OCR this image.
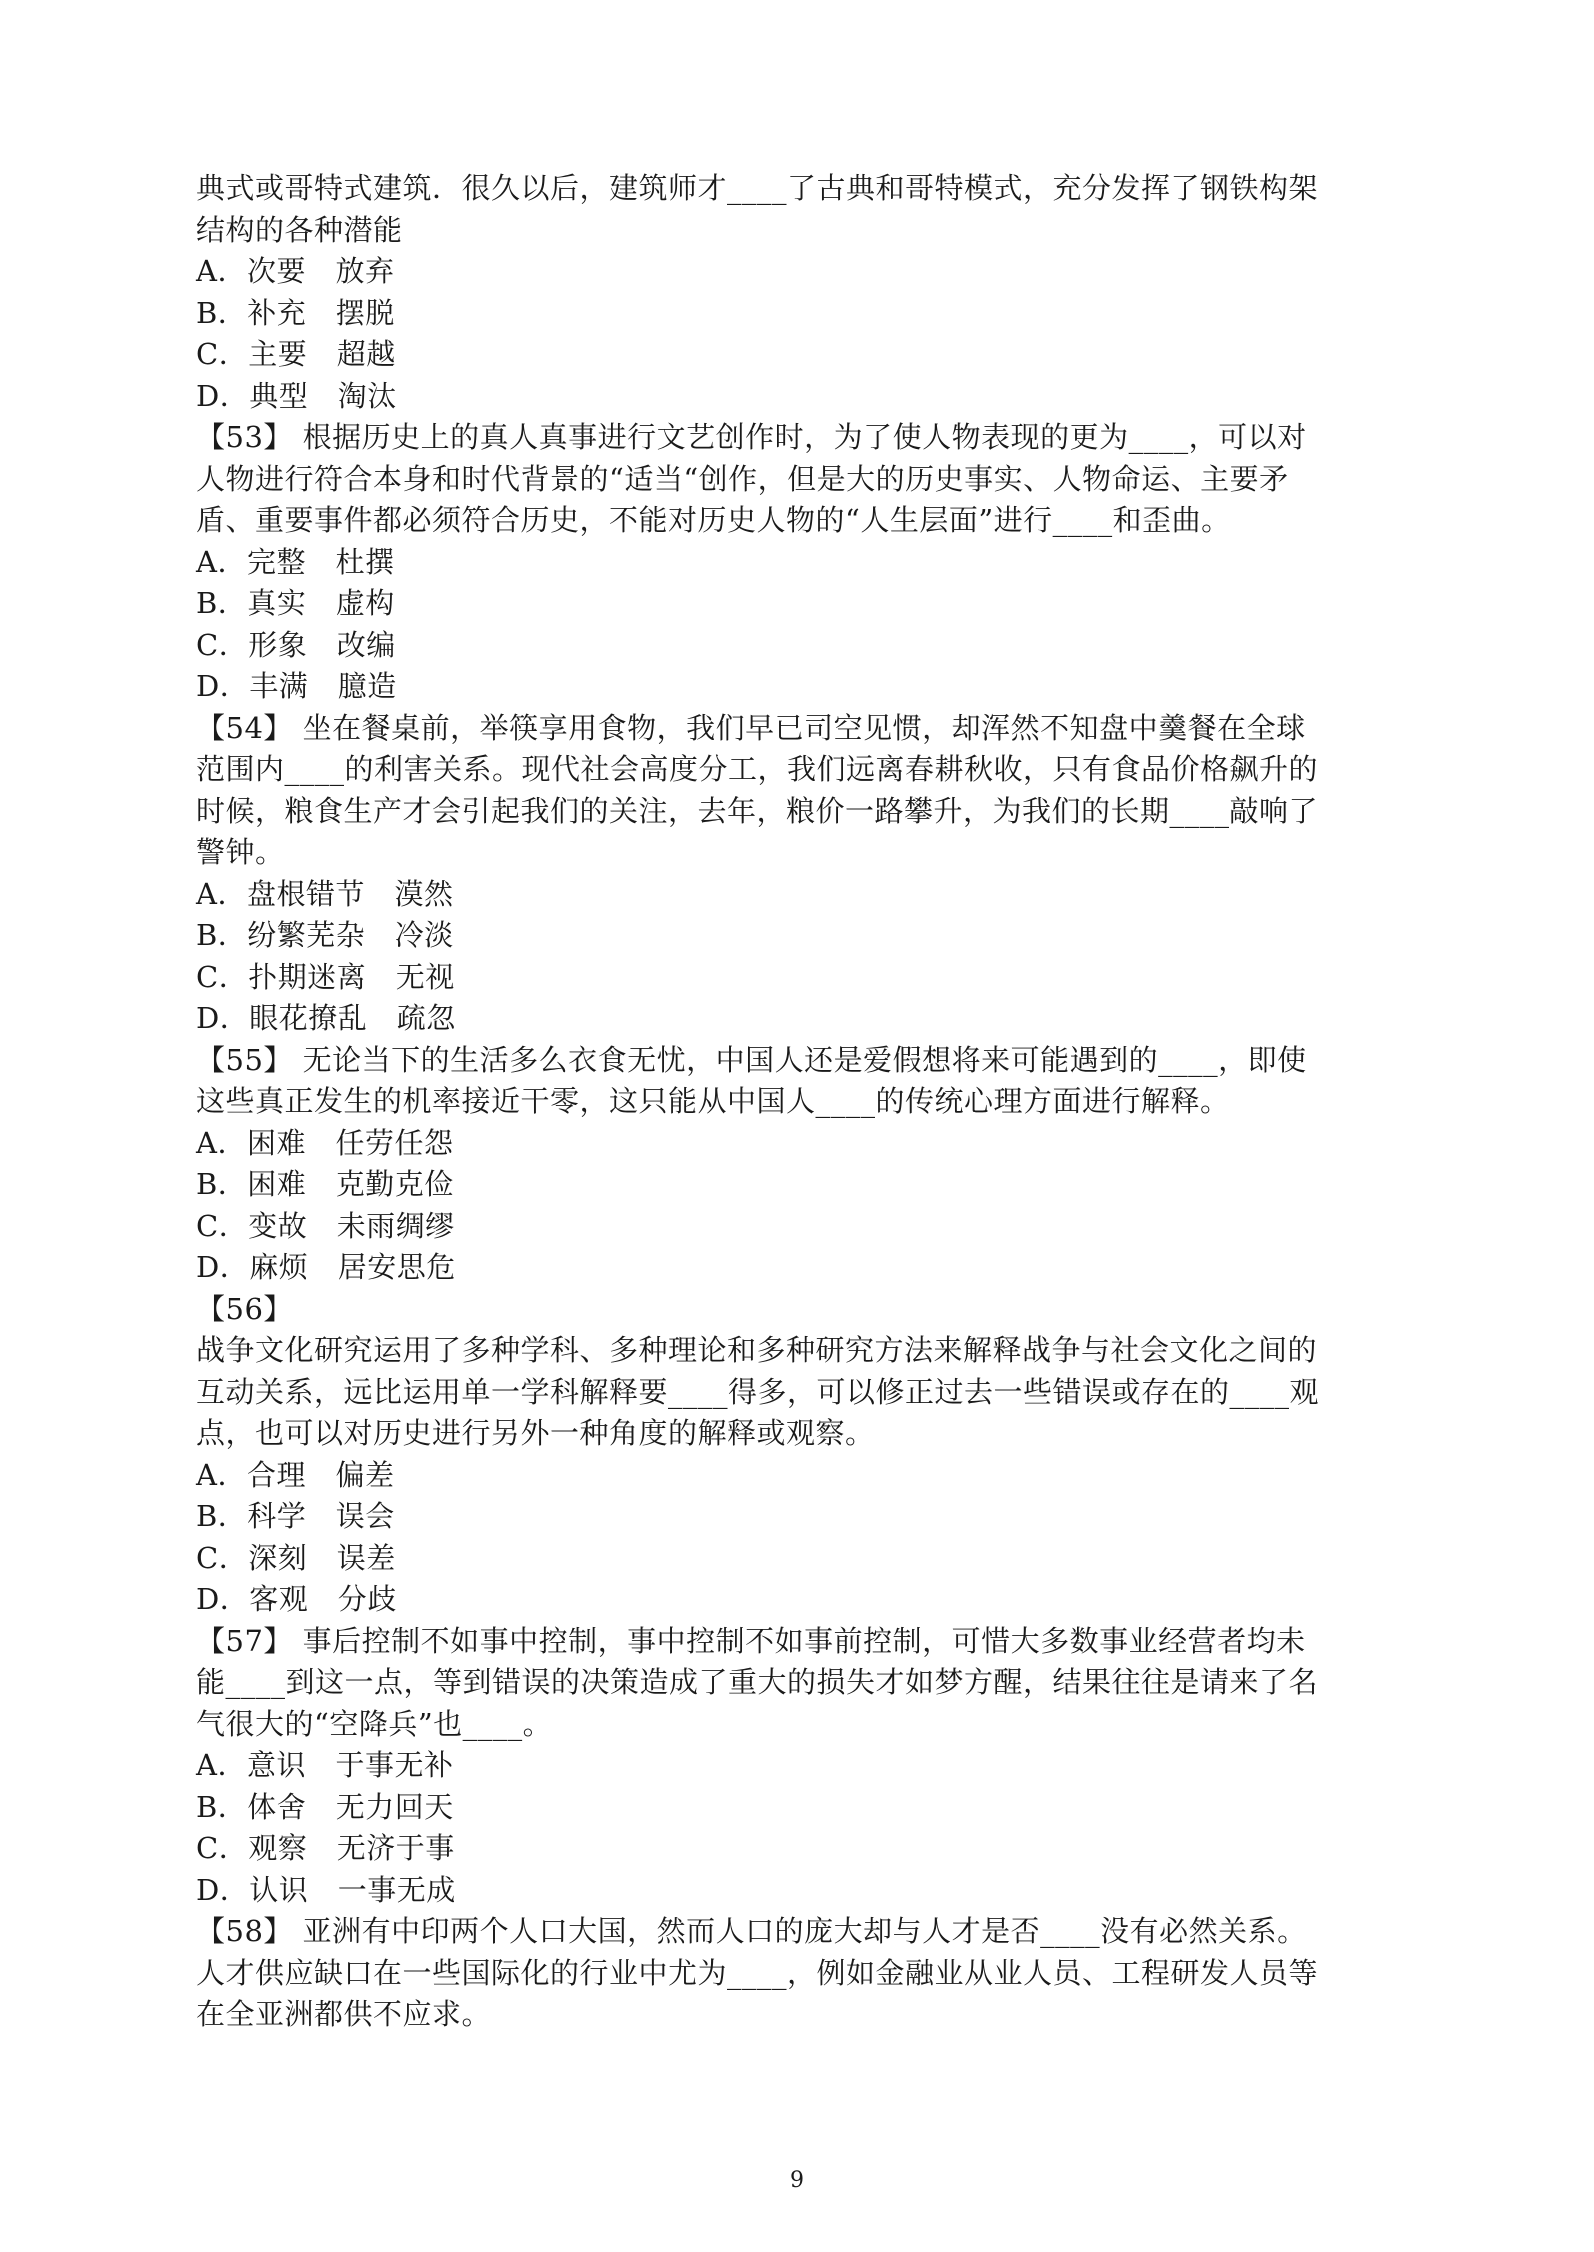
典式或哥特式建筑．很久以后，建筑师才____了古典和哥特模式，充分发挥了钢铁构架
结构的各种潜能
A．次要　放弃
B．补充　摆脱
C．主要　超越
D．典型　淘汰
【53】 根据历史上的真人真事进行文艺创作时，为了使人物表现的更为____，可以对
人物进行符合本身和时代背景的“适当“创作，但是大的历史事实、人物命运、主要矛
盾、重要事件都必须符合历史，不能对历史人物的“人生层面”进行____和歪曲。
A．完整　杜撰
B．真实　虚构
C．形象　改编
D．丰满　臆造
【54】 坐在餐桌前，举筷享用食物，我们早已司空见惯，却浑然不知盘中羹餐在全球
范围内____的利害关系。现代社会高度分工，我们远离春耕秋收，只有食品价格飙升的
时候，粮食生产才会引起我们的关注，去年，粮价一路攀升，为我们的长期____敲响了
警钟。
A．盘根错节　漠然
B．纷繁芜杂　冷淡
C．扑期迷离　无视
D．眼花撩乱　疏忽
【55】 无论当下的生活多么衣食无忧，中国人还是爱假想将来可能遇到的____，即使
这些真正发生的机率接近干零，这只能从中国人____的传统心理方面进行解释。
A．困难　任劳任怨
B．困难　克勤克俭
C．变故　未雨绸缪
D．麻烦　居安思危
【56】
战争文化研究运用了多种学科、多种理论和多种研究方法来解释战争与社会文化之间的
互动关系，远比运用单一学科解释要____得多，可以修正过去一些错误或存在的____观
点，也可以对历史进行另外一种角度的解释或观察。
A．合理　偏差
B．科学　误会
C．深刻　误差
D．客观　分歧
【57】 事后控制不如事中控制，事中控制不如事前控制，可惜大多数事业经营者均未
能____到这一点，等到错误的决策造成了重大的损失才如梦方醒，结果往往是请来了名
气很大的“空降兵”也____。
A．意识　于事无补
B．体舍　无力回天
C．观察　无济于事
D．认识　一事无成
【58】 亚洲有中印两个人口大国，然而人口的庞大却与人才是否____没有必然关系。
人才供应缺口在一些国际化的行业中尤为____，例如金融业从业人员、工程研发人员等
在全亚洲都供不应求。
9
